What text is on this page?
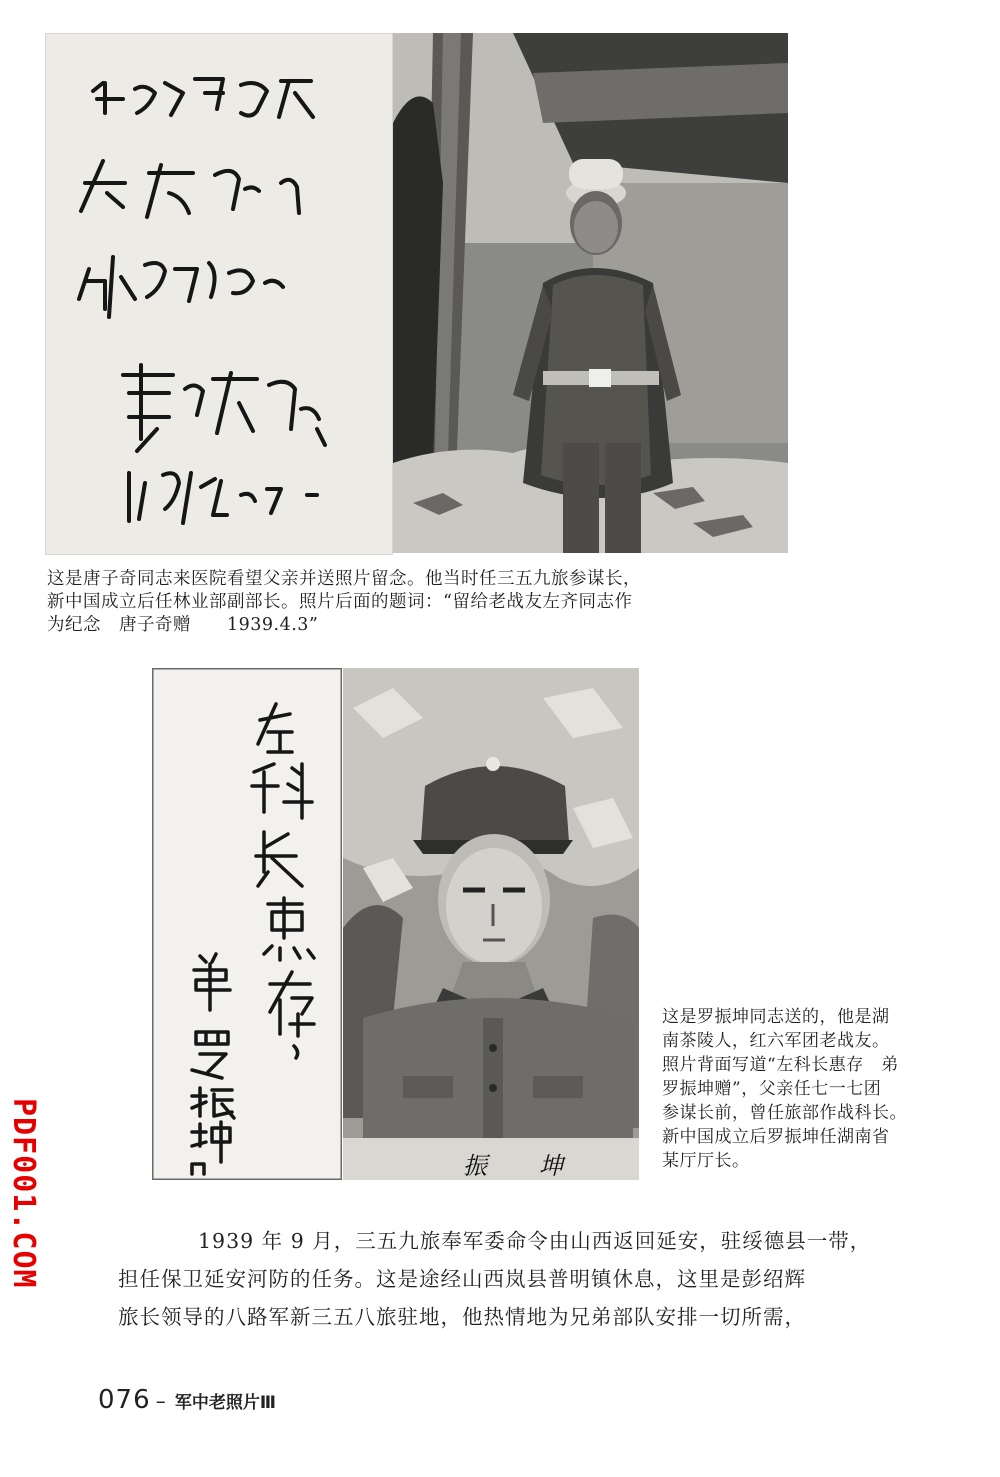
这是唐子奇同志来医院看望父亲并送照片留念。他当时任三五九旅参谋长，
新中国成立后任林业部副部长。照片后面的题词：“留给老战友左齐同志作
为纪念　唐子奇赠　　1939.4.3”

振　坤

这是罗振坤同志送的，他是湖
南茶陵人，红六军团老战友。
照片背面写道“左科长惠存　弟
罗振坤赠”，父亲任七一七团
参谋长前，曾任旅部作战科长。
新中国成立后罗振坤任湖南省
某厅厅长。

PDF001.COM	1939 年 9 月，三五九旅奉军委命令由山西返回延安，驻绥德县一带，
担任保卫延安河防的任务。这是途经山西岚县普明镇休息，这里是彭绍辉
旅长领导的八路军新三五八旅驻地，他热情地为兄弟部队安排一切所需，
076 – 军中老照片Ⅲ
